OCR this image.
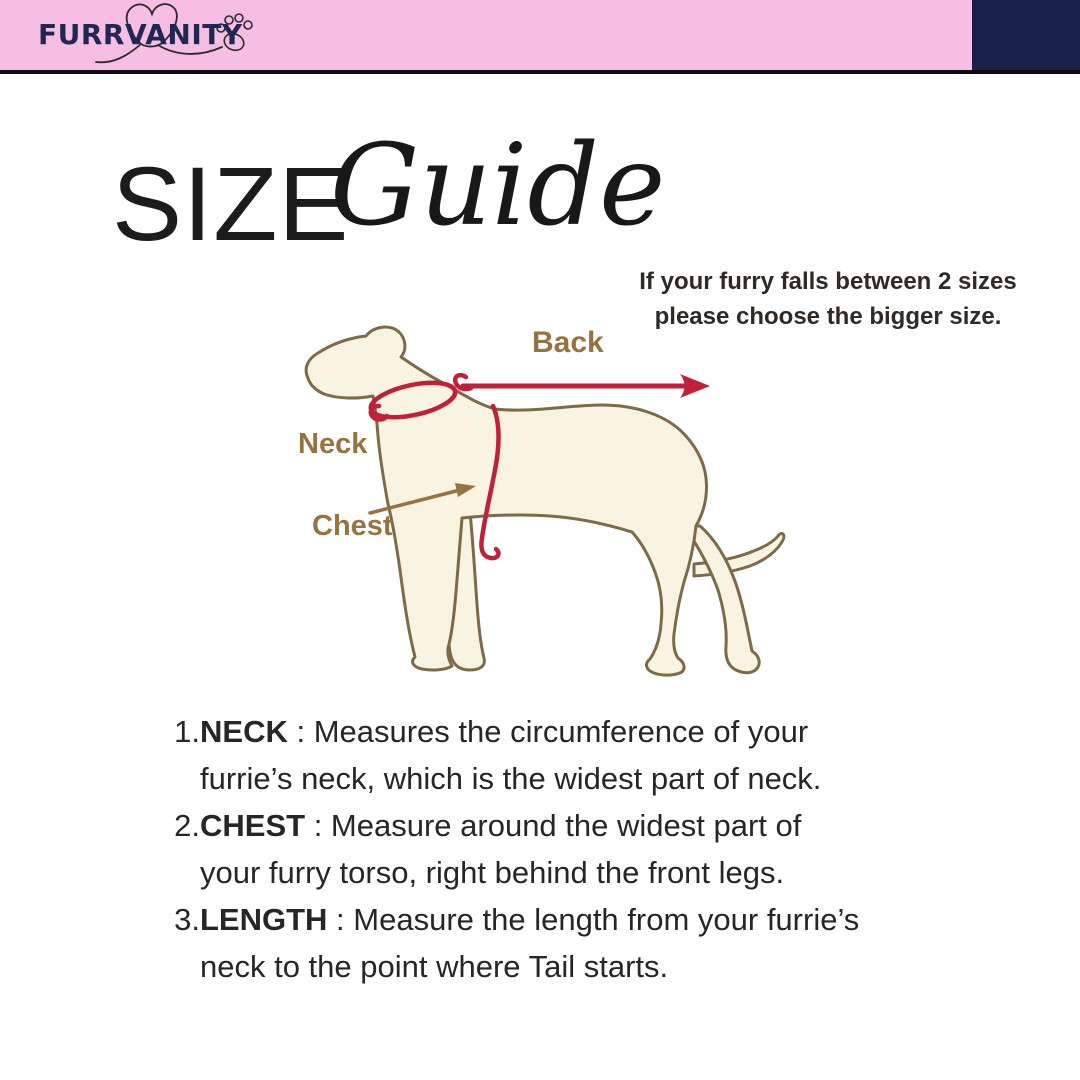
FURRVANITY
SIZE
Guide
If your furry falls between 2 sizes
please choose the bigger size.
Back
Neck
Chest
1. NECK : Measures the circumference of your furrie’s neck, which is the widest part of neck.
2. CHEST : Measure around the widest part of your furry torso, right behind the front legs.
3. LENGTH : Measure the length from your furrie’s neck to the point where Tail starts.
